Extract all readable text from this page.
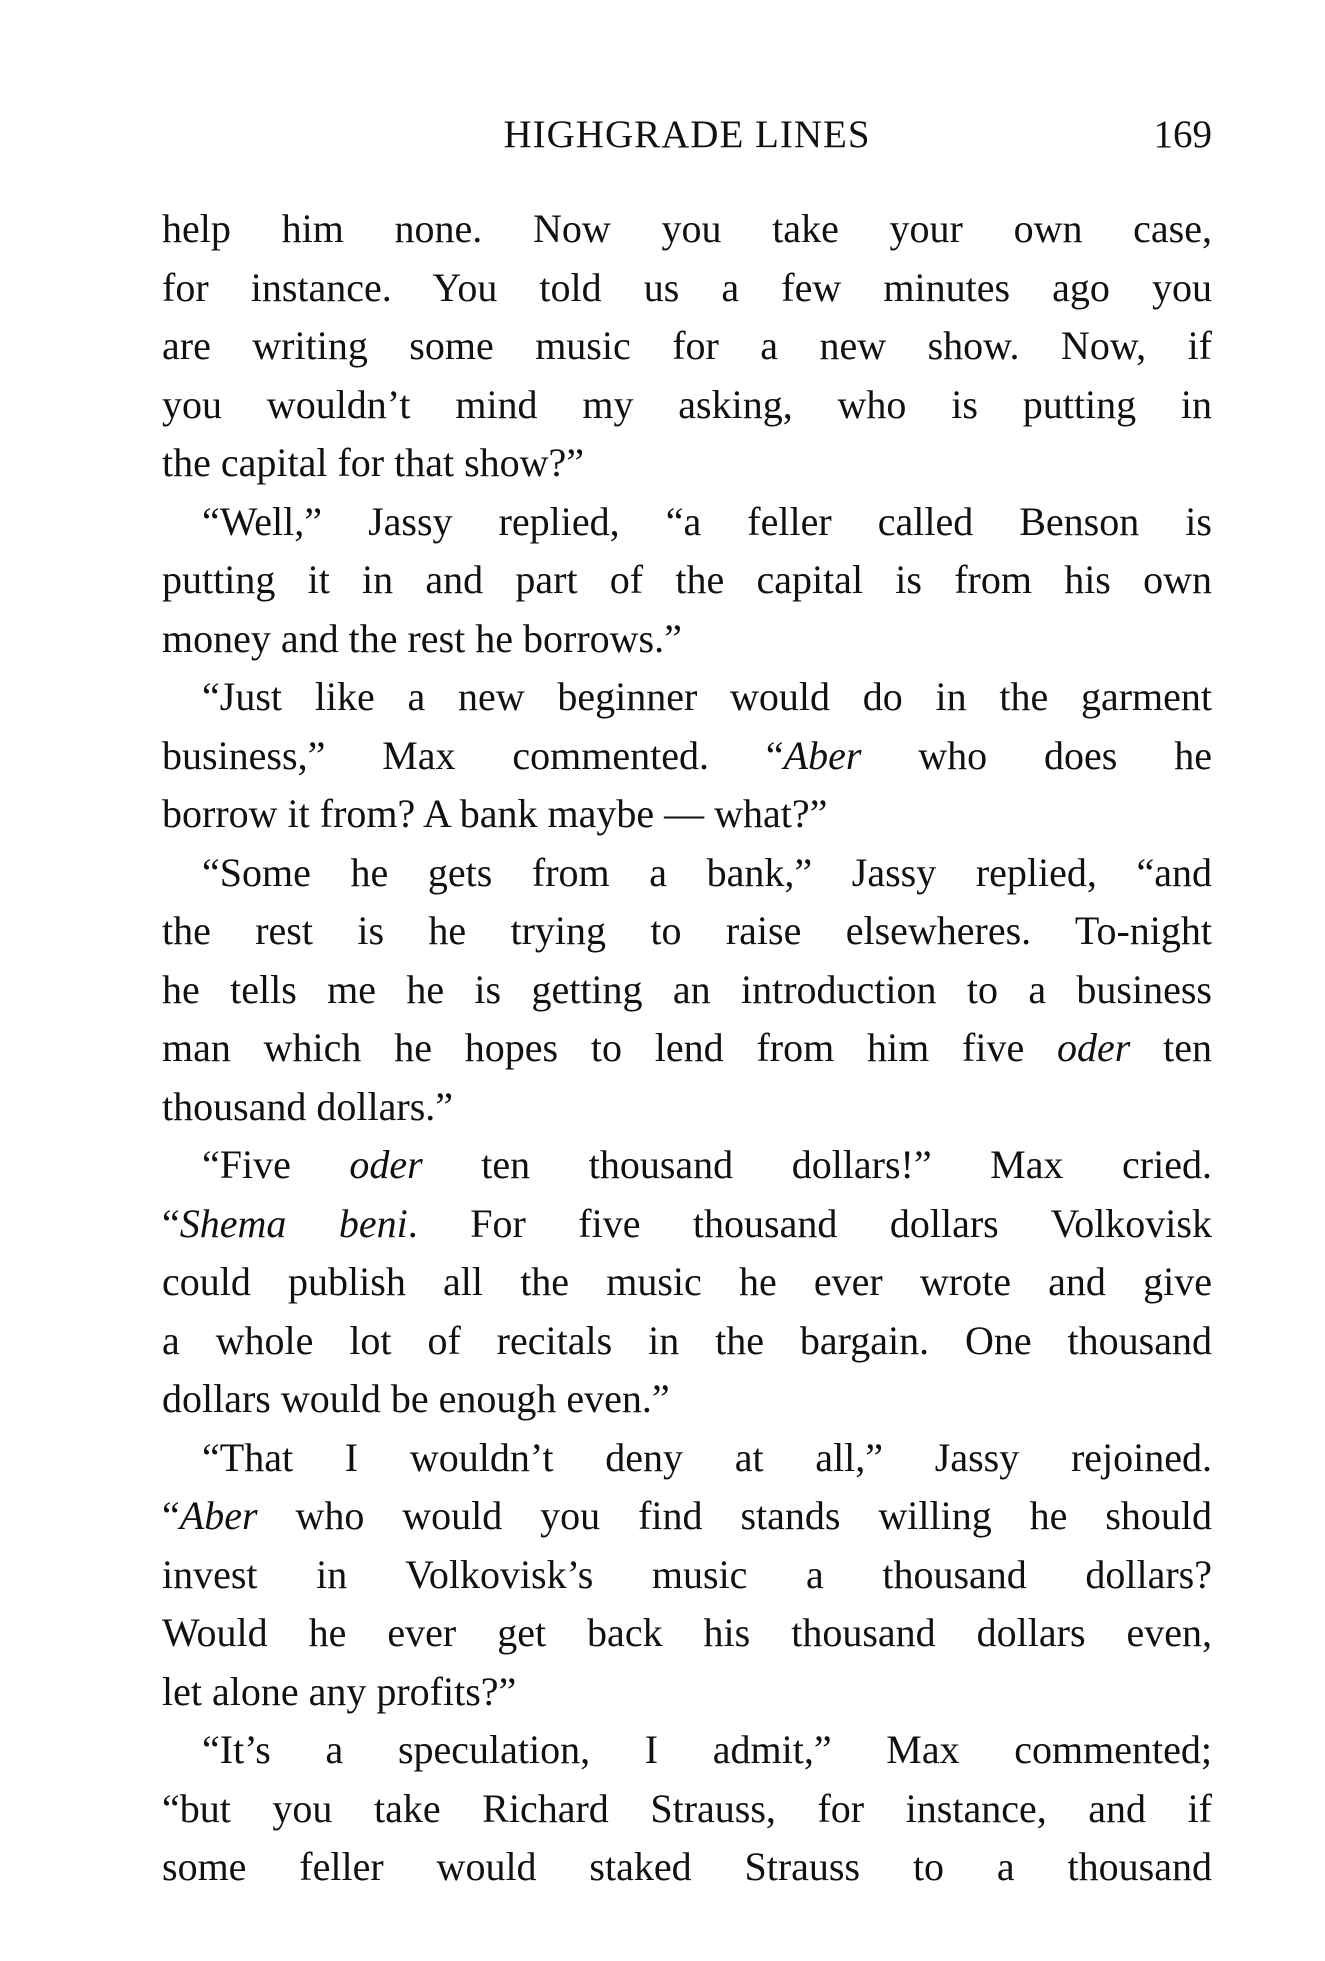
HIGHGRADE LINES	169
help him none. Now you take your own case,
for instance. You told us a few minutes ago you
are writing some music for a new show. Now, if
you wouldn’t mind my asking, who is putting in
the capital for that show?”
“Well,” Jassy replied, “a feller called Benson is
putting it in and part of the capital is from his own
money and the rest he borrows.”
“Just like a new beginner would do in the garment
business,” Max commented. “Aber who does he
borrow it from? A bank maybe — what?”
“Some he gets from a bank,” Jassy replied, “and
the rest is he trying to raise elsewheres. To-night
he tells me he is getting an introduction to a business
man which he hopes to lend from him five oder ten
thousand dollars.”
“Five oder ten thousand dollars!” Max cried.
“Shema beni. For five thousand dollars Volkovisk
could publish all the music he ever wrote and give
a whole lot of recitals in the bargain. One thousand
dollars would be enough even.”
“That I wouldn’t deny at all,” Jassy rejoined.
“Aber who would you find stands willing he should
invest in Volkovisk’s music a thousand dollars?
Would he ever get back his thousand dollars even,
let alone any profits?”
“It’s a speculation, I admit,” Max commented;
“but you take Richard Strauss, for instance, and if
some feller would staked Strauss to a thousand
